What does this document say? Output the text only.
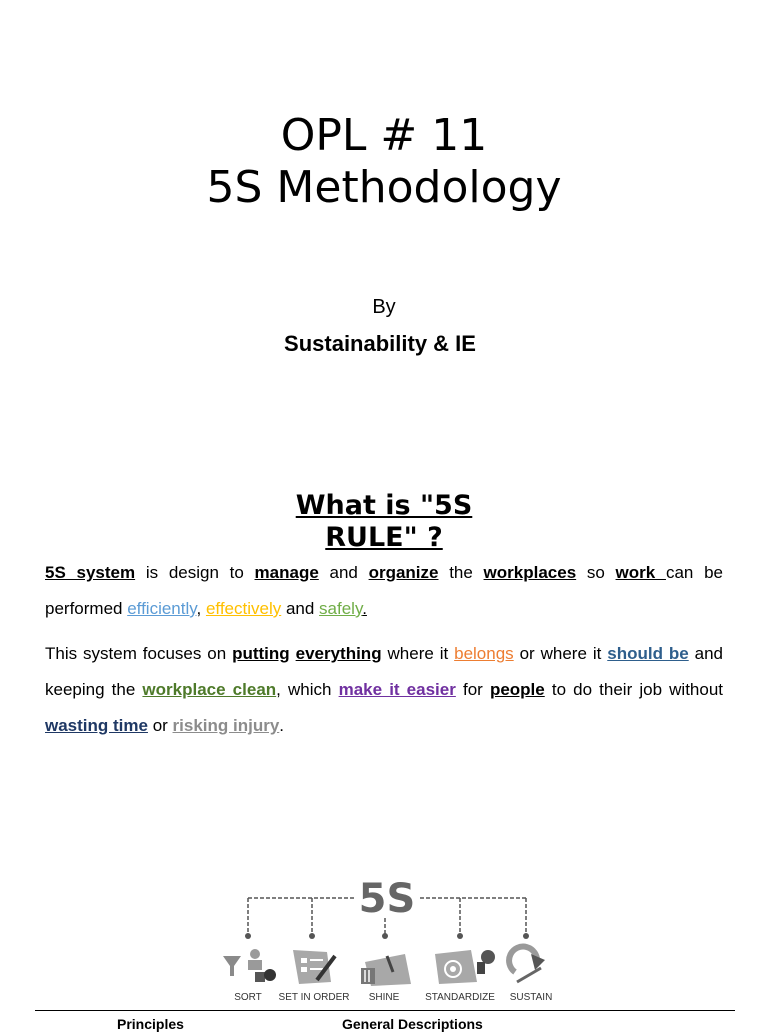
OPL # 11
5S Methodology
By
Sustainability & IE
What is "5S
RULE" ?
5S system is design to manage and organize the workplaces so work can be performed efficiently, effectively and safely.
This system focuses on putting everything where it belongs or where it should be and keeping the workplace clean, which make it easier for people to do their job without wasting time or risking injury.
5S
SORT SET IN ORDER SHINE	STANDARDIZE SUSTAIN
Principles	General Descriptions
